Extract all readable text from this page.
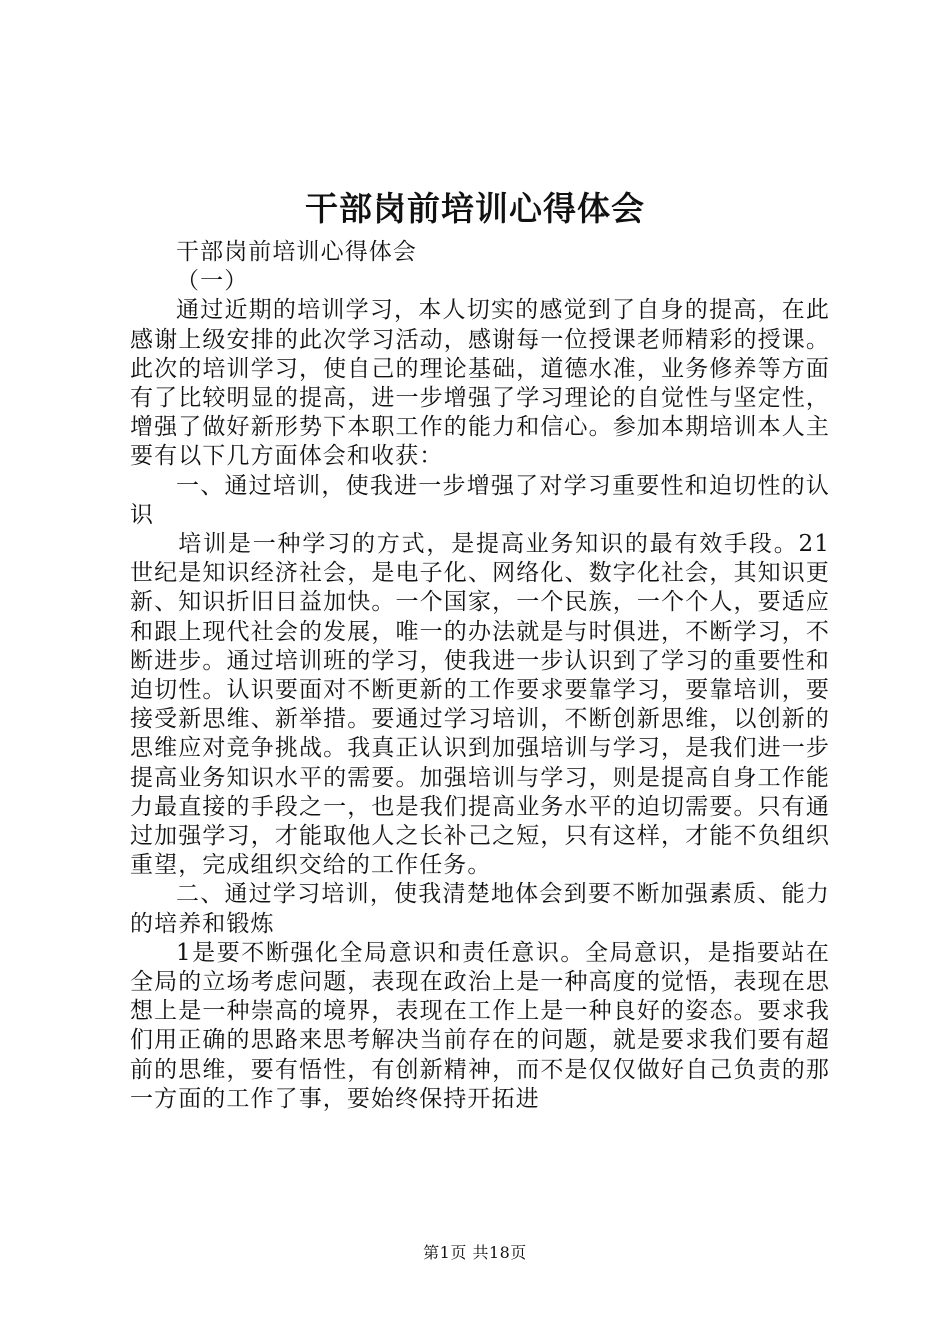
干部岗前培训心得体会

干部岗前培训心得体会

（一）

通过近期的培训学习，本人切实的感觉到了自身的提高，在此感谢上级安排的此次学习活动，感谢每一位授课老师精彩的授课。此次的培训学习，使自己的理论基础，道德水准，业务修养等方面有了比较明显的提高，进一步增强了学习理论的自觉性与坚定性，增强了做好新形势下本职工作的能力和信心。参加本期培训本人主要有以下几方面体会和收获：

一、通过培训，使我进一步增强了对学习重要性和迫切性的认识

培训是一种学习的方式，是提高业务知识的最有效手段。21世纪是知识经济社会，是电子化、网络化、数字化社会，其知识更新、知识折旧日益加快。一个国家，一个民族，一个个人，要适应和跟上现代社会的发展，唯一的办法就是与时俱进，不断学习，不断进步。通过培训班的学习，使我进一步认识到了学习的重要性和迫切性。认识要面对不断更新的工作要求要靠学习，要靠培训，要接受新思维、新举措。要通过学习培训，不断创新思维，以创新的思维应对竞争挑战。我真正认识到加强培训与学习，是我们进一步提高业务知识水平的需要。加强培训与学习，则是提高自身工作能力最直接的手段之一，也是我们提高业务水平的迫切需要。只有通过加强学习，才能取他人之长补己之短，只有这样，才能不负组织重望，完成组织交给的工作任务。

二、通过学习培训，使我清楚地体会到要不断加强素质、能力的培养和锻炼

1是要不断强化全局意识和责任意识。全局意识，是指要站在全局的立场考虑问题，表现在政治上是一种高度的觉悟，表现在思想上是一种崇高的境界，表现在工作上是一种良好的姿态。要求我们用正确的思路来思考解决当前存在的问题，就是要求我们要有超前的思维，要有悟性，有创新精神，而不是仅仅做好自己负责的那一方面的工作了事，要始终保持开拓进

第1页 共18页
